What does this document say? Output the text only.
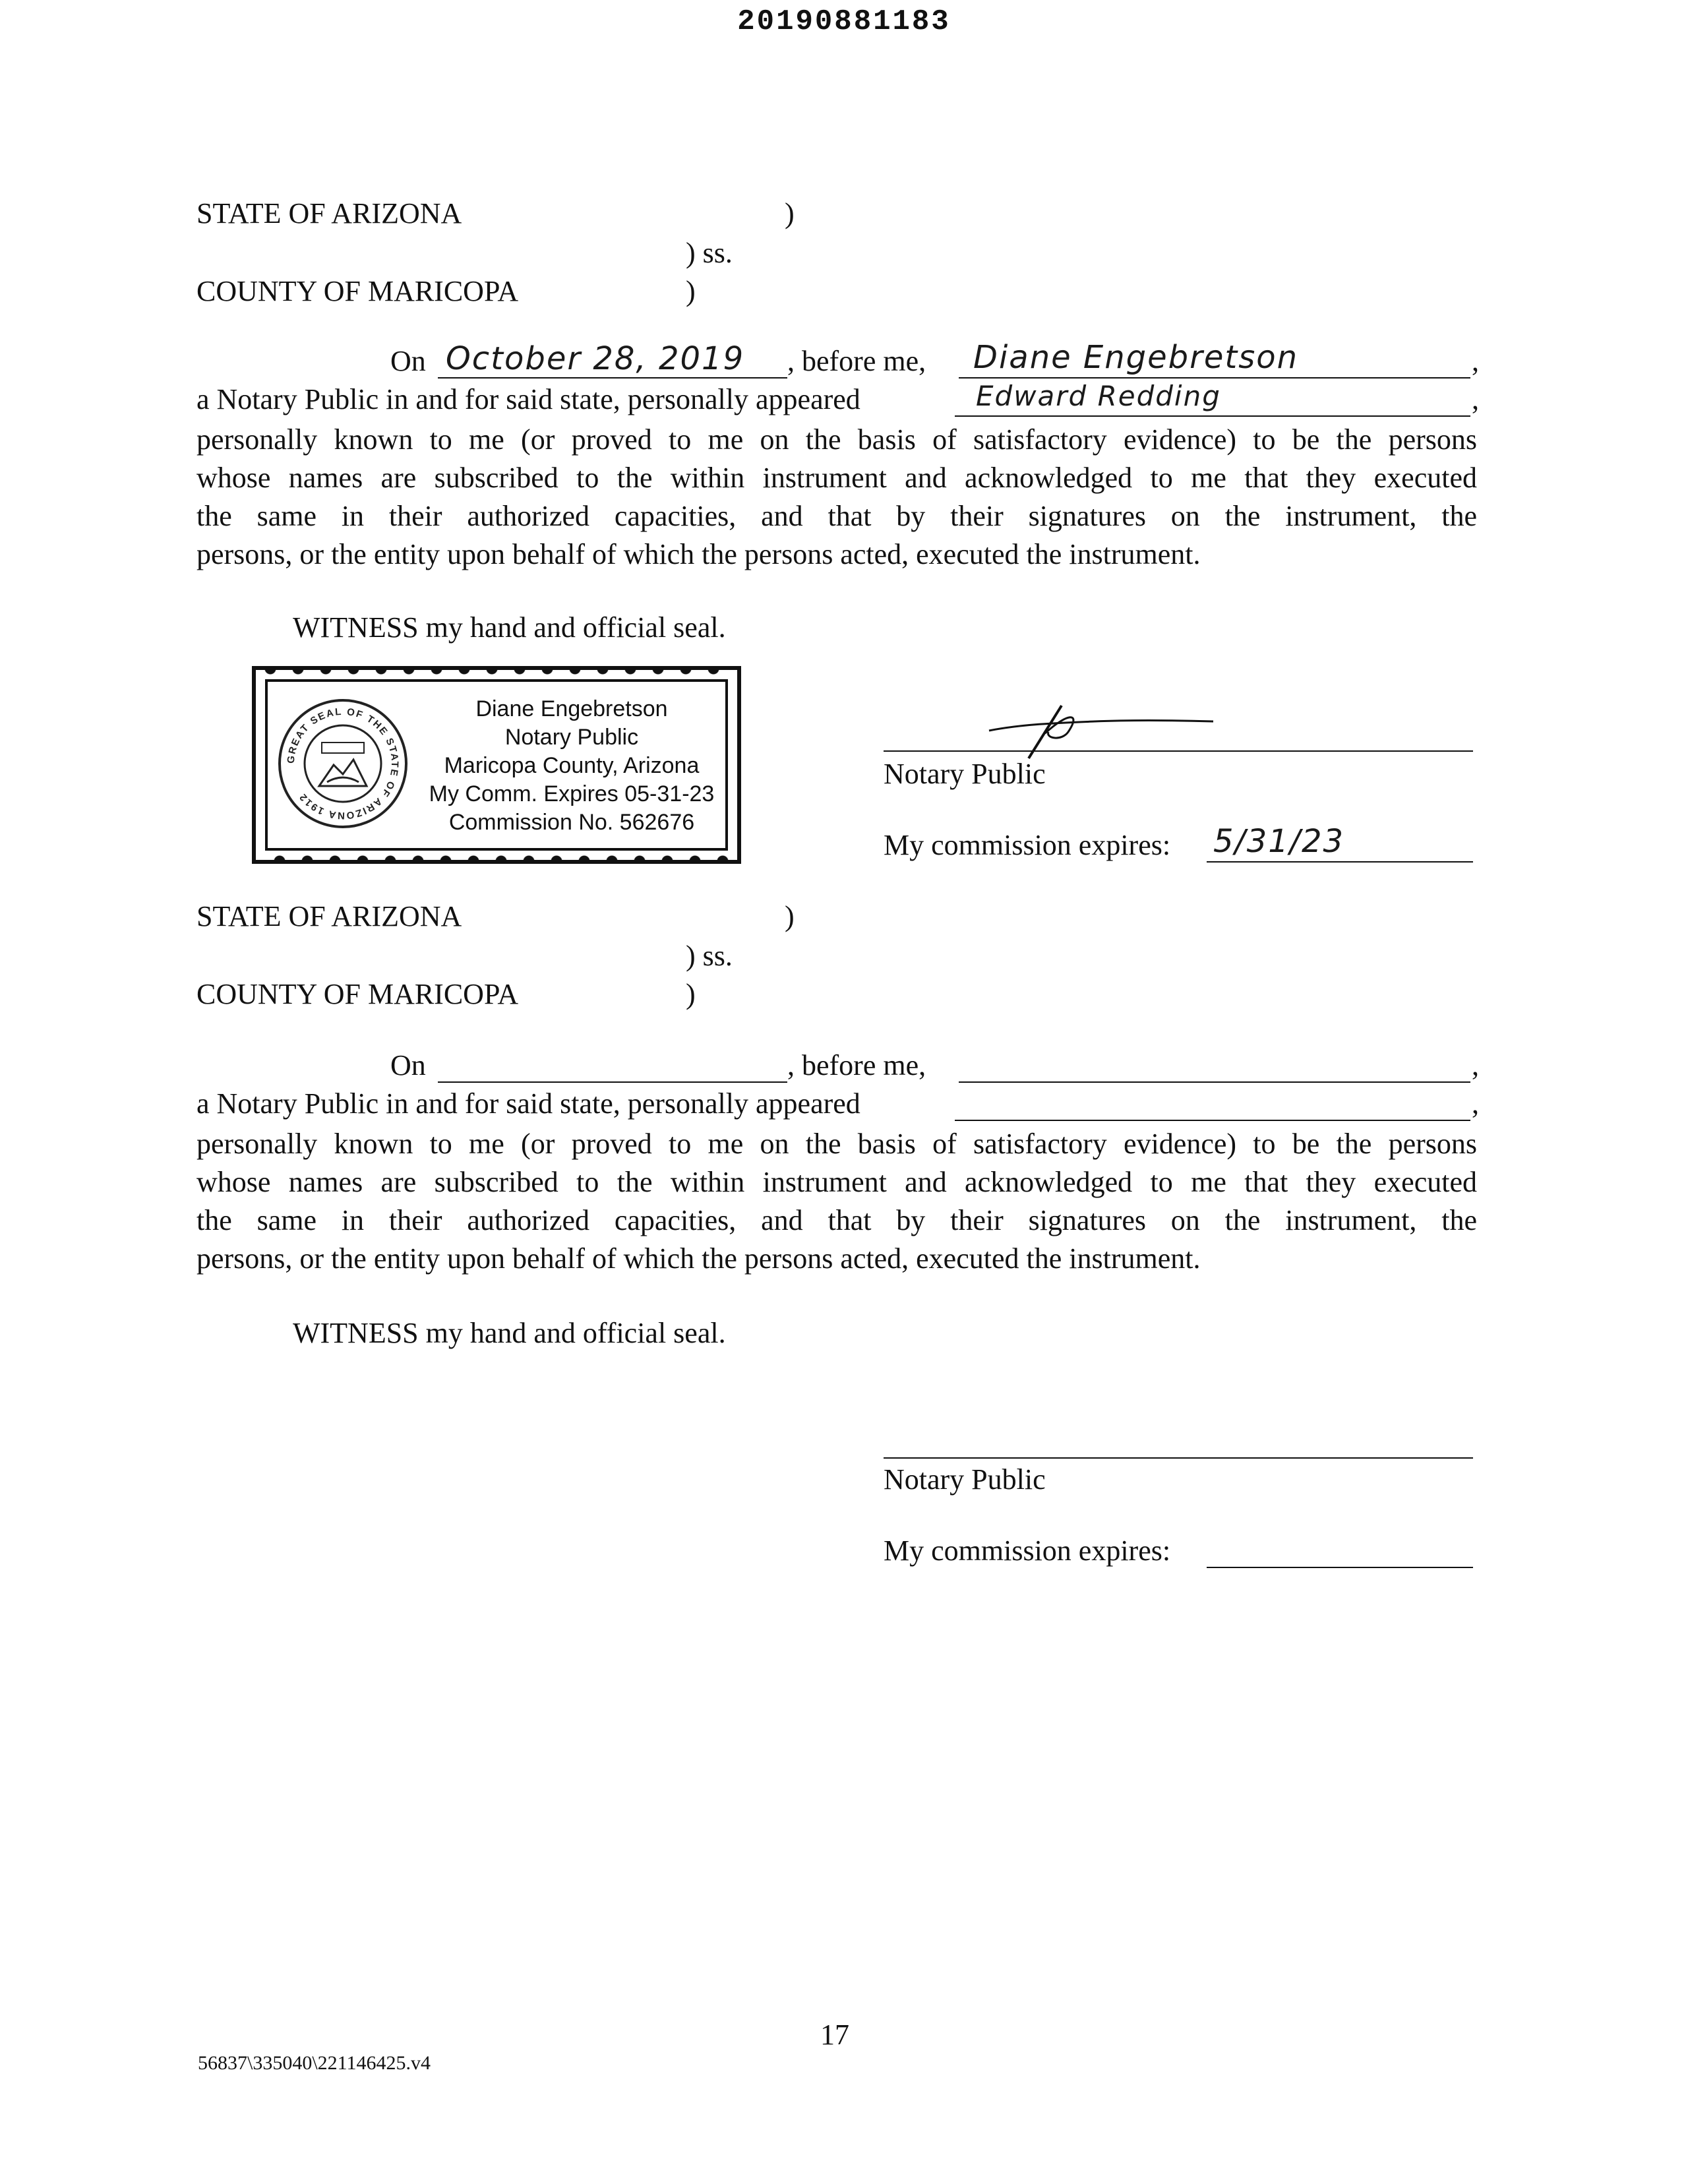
20190881183
STATE OF ARIZONA	)
) ss.
COUNTY OF MARICOPA	)
On October 28, 2019 , before me, Diane Engebretson	,
a Notary Public in and for said state, personally appeared	Edward Redding	,
personally known to me (or proved to me on the basis of satisfactory evidence) to be the persons
whose names are subscribed to the within instrument and acknowledged to me that they executed
the same in their authorized capacities, and that by their signatures on the instrument, the
persons, or the entity upon behalf of which the persons acted, executed the instrument.
WITNESS my hand and official seal.
GREAT SEAL OF THE STATE OF ARIZONA 1912
Diane Engebretson
Notary Public
Maricopa County, Arizona
My Comm. Expires 05-31-23
Commission No. 562676
Notary Public
My commission expires: 5/31/23
STATE OF ARIZONA	)
) ss.
COUNTY OF MARICOPA	)
On	, before me,	,
a Notary Public in and for said state, personally appeared	,
personally known to me (or proved to me on the basis of satisfactory evidence) to be the persons
whose names are subscribed to the within instrument and acknowledged to me that they executed
the same in their authorized capacities, and that by their signatures on the instrument, the
persons, or the entity upon behalf of which the persons acted, executed the instrument.
WITNESS my hand and official seal.
Notary Public
My commission expires:
17
56837\335040\221146425.v4
